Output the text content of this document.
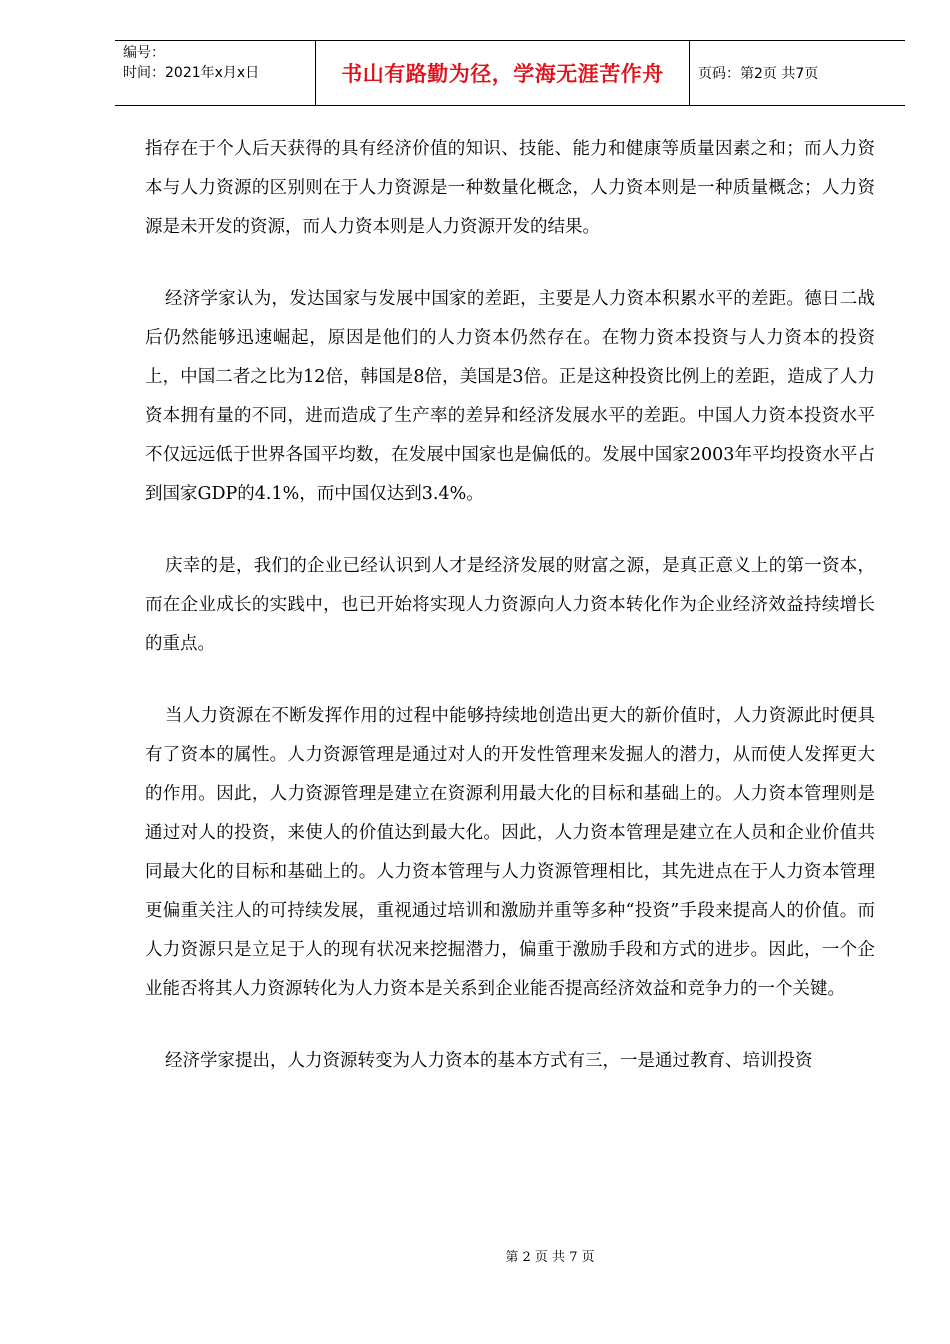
编号：
时间：2021年x月x日	书山有路勤为径，学海无涯苦作舟 页码：第2页 共7页

指存在于个人后天获得的具有经济价值的知识、技能、能力和健康等质量因素之和；而人力资本与人力资源的区别则在于人力资源是一种数量化概念，人力资本则是一种质量概念；人力资源是未开发的资源，而人力资本则是人力资源开发的结果。

经济学家认为，发达国家与发展中国家的差距，主要是人力资本积累水平的差距。德日二战后仍然能够迅速崛起，原因是他们的人力资本仍然存在。在物力资本投资与人力资本的投资上，中国二者之比为12倍，韩国是8倍，美国是3倍。正是这种投资比例上的差距，造成了人力资本拥有量的不同，进而造成了生产率的差异和经济发展水平的差距。中国人力资本投资水平不仅远远低于世界各国平均数，在发展中国家也是偏低的。发展中国家2003年平均投资水平占到国家GDP的4.1%，而中国仅达到3.4%。

庆幸的是，我们的企业已经认识到人才是经济发展的财富之源，是真正意义上的第一资本，而在企业成长的实践中，也已开始将实现人力资源向人力资本转化作为企业经济效益持续增长的重点。

当人力资源在不断发挥作用的过程中能够持续地创造出更大的新价值时，人力资源此时便具有了资本的属性。人力资源管理是通过对人的开发性管理来发掘人的潜力，从而使人发挥更大的作用。因此，人力资源管理是建立在资源利用最大化的目标和基础上的。人力资本管理则是通过对人的投资，来使人的价值达到最大化。因此，人力资本管理是建立在人员和企业价值共同最大化的目标和基础上的。人力资本管理与人力资源管理相比，其先进点在于人力资本管理更偏重关注人的可持续发展，重视通过培训和激励并重等多种“投资”手段来提高人的价值。而人力资源只是立足于人的现有状况来挖掘潜力，偏重于激励手段和方式的进步。因此，一个企业能否将其人力资源转化为人力资本是关系到企业能否提高经济效益和竞争力的一个关键。

经济学家提出，人力资源转变为人力资本的基本方式有三，一是通过教育、培训投资

第 2 页 共 7 页
